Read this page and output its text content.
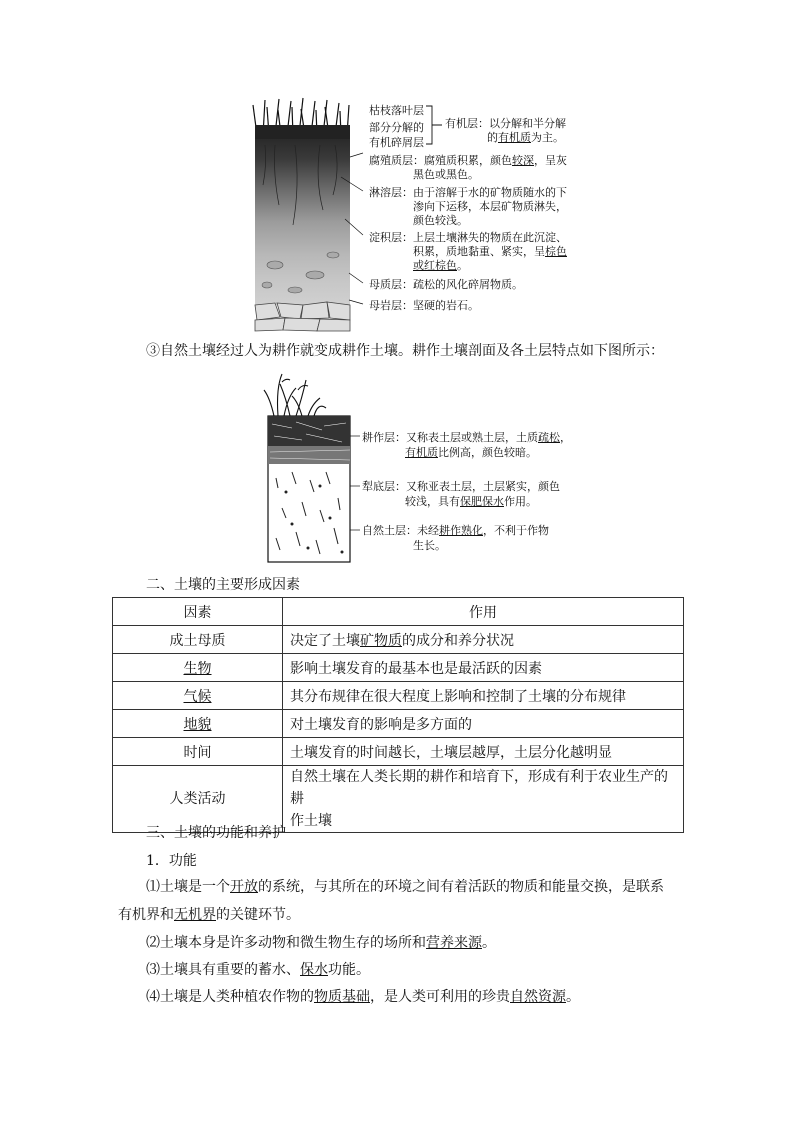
枯枝落叶层
部分分解的
有机碎屑层
有机层：以分解和半分解
的有机质为主。
腐殖质层：腐殖质积累，颜色较深，呈灰
黑色或黑色。
淋溶层：由于溶解于水的矿物质随水的下
渗向下运移，本层矿物质淋失，
颜色较浅。
淀积层：上层土壤淋失的物质在此沉淀、
积累，质地黏重、紧实，呈棕色
或红棕色。
母质层：疏松的风化碎屑物质。
母岩层：坚硬的岩石。
③自然土壤经过人为耕作就变成耕作土壤。耕作土壤剖面及各土层特点如下图所示：
耕作层：又称表土层或熟土层，土质疏松，
有机质比例高，颜色较暗。
犁底层：又称亚表土层，土层紧实，颜色
较浅，具有保肥保水作用。
自然土层：未经耕作熟化，不利于作物
生长。
二、土壤的主要形成因素
因素	作用
成土母质	决定了土壤矿物质的成分和养分状况
生物	影响土壤发育的最基本也是最活跃的因素
气候	其分布规律在很大程度上影响和控制了土壤的分布规律
地貌	对土壤发育的影响是多方面的
时间	土壤发育的时间越长，土壤层越厚，土层分化越明显
人类活动	自然土壤在人类长期的耕作和培育下，形成有利于农业生产的耕
作土壤
三、土壤的功能和养护
1．功能
⑴土壤是一个开放的系统，与其所在的环境之间有着活跃的物质和能量交换，是联系
有机界和无机界的关键环节。
⑵土壤本身是许多动物和微生物生存的场所和营养来源。
⑶土壤具有重要的蓄水、保水功能。
⑷土壤是人类种植农作物的物质基础，是人类可利用的珍贵自然资源。
